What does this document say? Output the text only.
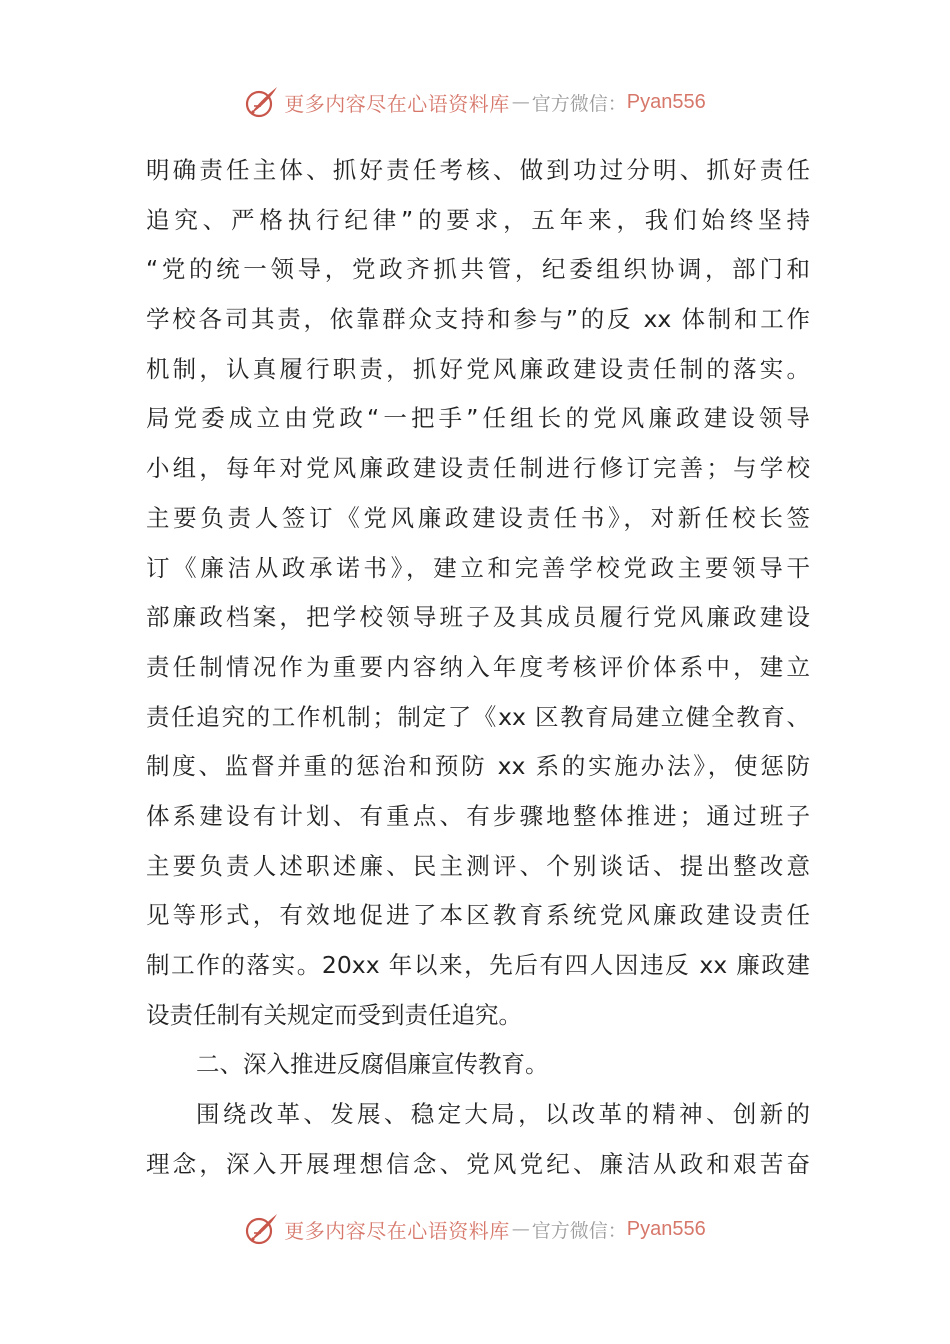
更多内容尽在心语资料库 — 官方微信： Pyan556
明确责任主体、抓好责任考核、做到功过分明、抓好责任
追究、严格执行纪律”的要求，五年来，我们始终坚持
“党的统一领导，党政齐抓共管，纪委组织协调，部门和
学校各司其责，依靠群众支持和参与”的反 xx 体制和工作
机制，认真履行职责，抓好党风廉政建设责任制的落实。
局党委成立由党政“一把手”任组长的党风廉政建设领导
小组，每年对党风廉政建设责任制进行修订完善；与学校
主要负责人签订《党风廉政建设责任书》，对新任校长签
订《廉洁从政承诺书》，建立和完善学校党政主要领导干
部廉政档案，把学校领导班子及其成员履行党风廉政建设
责任制情况作为重要内容纳入年度考核评价体系中，建立
责任追究的工作机制；制定了《xx 区教育局建立健全教育、
制度、监督并重的惩治和预防 xx 系的实施办法》，使惩防
体系建设有计划、有重点、有步骤地整体推进；通过班子
主要负责人述职述廉、民主测评、个别谈话、提出整改意
见等形式，有效地促进了本区教育系统党风廉政建设责任
制工作的落实。20xx 年以来，先后有四人因违反 xx 廉政建
设责任制有关规定而受到责任追究。
二、深入推进反腐倡廉宣传教育。
围绕改革、发展、稳定大局，以改革的精神、创新的
理念，深入开展理想信念、党风党纪、廉洁从政和艰苦奋
更多内容尽在心语资料库 — 官方微信： Pyan556
